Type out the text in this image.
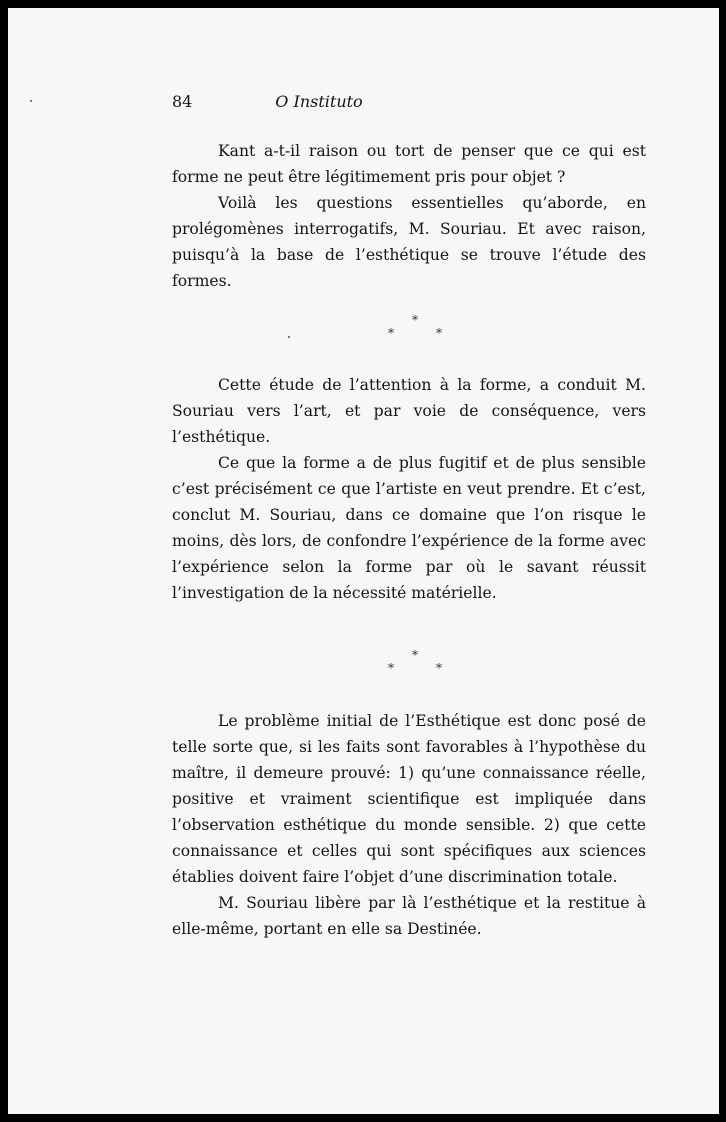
84	O Instituto

Kant a-t-il raison ou tort de penser que ce qui est forme ne peut être légitimement pris pour objet ?

Voilà les questions essentielles qu’aborde, en prolégomènes interrogatifs, M. Souriau. Et avec raison, puisqu’à la base de l’esthétique se trouve l’étude des formes.

*
*	*

Cette étude de l’attention à la forme, a conduit M. Souriau vers l’art, et par voie de conséquence, vers l’esthétique.

Ce que la forme a de plus fugitif et de plus sensible c’est précisément ce que l’artiste en veut prendre. Et c’est, conclut M. Souriau, dans ce domaine que l’on risque le moins, dès lors, de confondre l’expérience de la forme avec l’expérience selon la forme par où le savant réussit l’investigation de la nécessité matérielle.

*
*	*

Le problème initial de l’Esthétique est donc posé de telle sorte que, si les faits sont favorables à l’hypothèse du maître, il demeure prouvé: 1) qu’une connaissance réelle, positive et vraiment scientifique est impliquée dans l’observation esthétique du monde sensible. 2) que cette connaissance et celles qui sont spécifiques aux sciences établies doivent faire l’objet d’une discrimination totale.

M. Souriau libère par là l’esthétique et la restitue à elle-même, portant en elle sa Destinée.
